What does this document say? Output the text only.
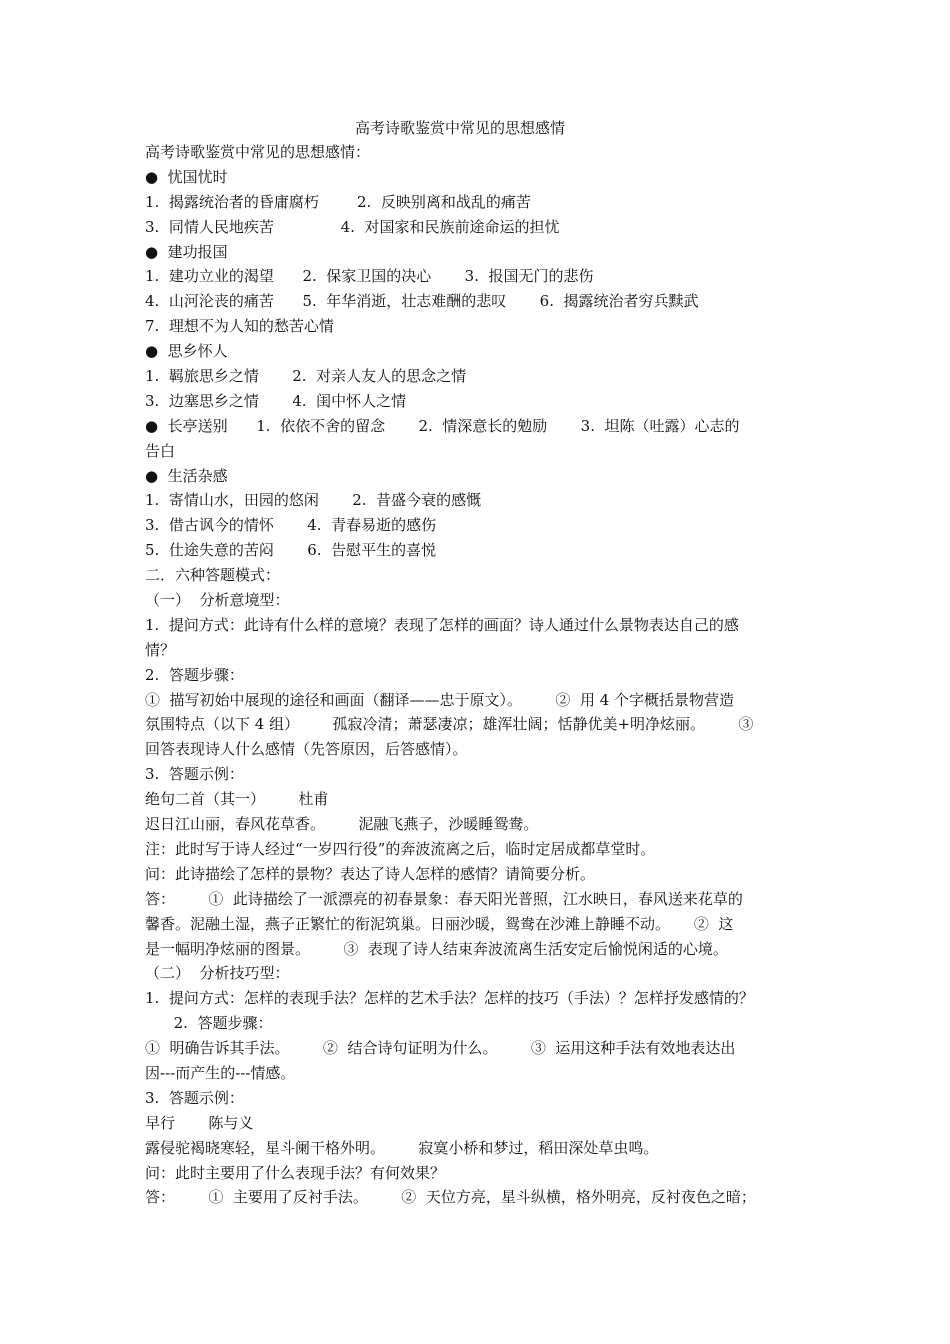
高考诗歌鉴赏中常见的思想感情
高考诗歌鉴赏中常见的思想感情：
●  忧国忧时
1.  揭露统治者的昏庸腐朽        2.  反映别离和战乱的痛苦
3.  同情人民地疾苦              4.  对国家和民族前途命运的担忧
●  建功报国
1.  建功立业的渴望      2.  保家卫国的决心       3.  报国无门的悲伤
4.  山河沦丧的痛苦      5.  年华消逝，壮志难酬的悲叹       6.  揭露统治者穷兵黩武
7.  理想不为人知的愁苦心情
●  思乡怀人
1.  羁旅思乡之情       2.  对亲人友人的思念之情
3.  边塞思乡之情       4.  闺中怀人之情
●  长亭送别      1.  依依不舍的留念       2.  情深意长的勉励       3.  坦陈（吐露）心志的
告白
●  生活杂感
1.  寄情山水，田园的悠闲       2.  昔盛今衰的感慨
3.  借古讽今的情怀       4.  青春易逝的感伤
5.  仕途失意的苦闷       6.  告慰平生的喜悦
二．六种答题模式：
（一）  分析意境型：
1.  提问方式：此诗有什么样的意境？表现了怎样的画面？诗人通过什么景物表达自己的感
情？
2.  答题步骤：
①  描写初始中展现的途径和画面（翻译——忠于原文）。       ②  用 4 个字概括景物营造
氛围特点（以下 4 组）       孤寂冷清；萧瑟凄凉；雄浑壮阔；恬静优美+明净炫丽。       ③
回答表现诗人什么感情（先答原因，后答感情）。
3.  答题示例：
绝句二首（其一）       杜甫
迟日江山丽，春风花草香。       泥融飞燕子，沙暖睡鸳鸯。
注：此时写于诗人经过“一岁四行役”的奔波流离之后，临时定居成都草堂时。
问：此诗描绘了怎样的景物？表达了诗人怎样的感情？请简要分析。
答：       ①  此诗描绘了一派漂亮的初春景象：春天阳光普照，江水映日，春风送来花草的
馨香。泥融土湿，燕子正繁忙的衔泥筑巢。日丽沙暖，鸳鸯在沙滩上静睡不动。     ②  这
是一幅明净炫丽的图景。       ③  表现了诗人结束奔波流离生活安定后愉悦闲适的心境。
（二）  分析技巧型：
1.  提问方式：怎样的表现手法？怎样的艺术手法？怎样的技巧（手法）？怎样抒发感情的？
2.  答题步骤：
①  明确告诉其手法。       ②  结合诗句证明为什么。       ③  运用这种手法有效地表达出
因---而产生的---情感。
3.  答题示例：
早行       陈与义
露侵驼褐晓寒轻，星斗阑干格外明。       寂寞小桥和梦过，稻田深处草虫鸣。
问：此时主要用了什么表现手法？有何效果？
答：       ①  主要用了反衬手法。       ②  天位方亮，星斗纵横，格外明亮，反衬夜色之暗；
